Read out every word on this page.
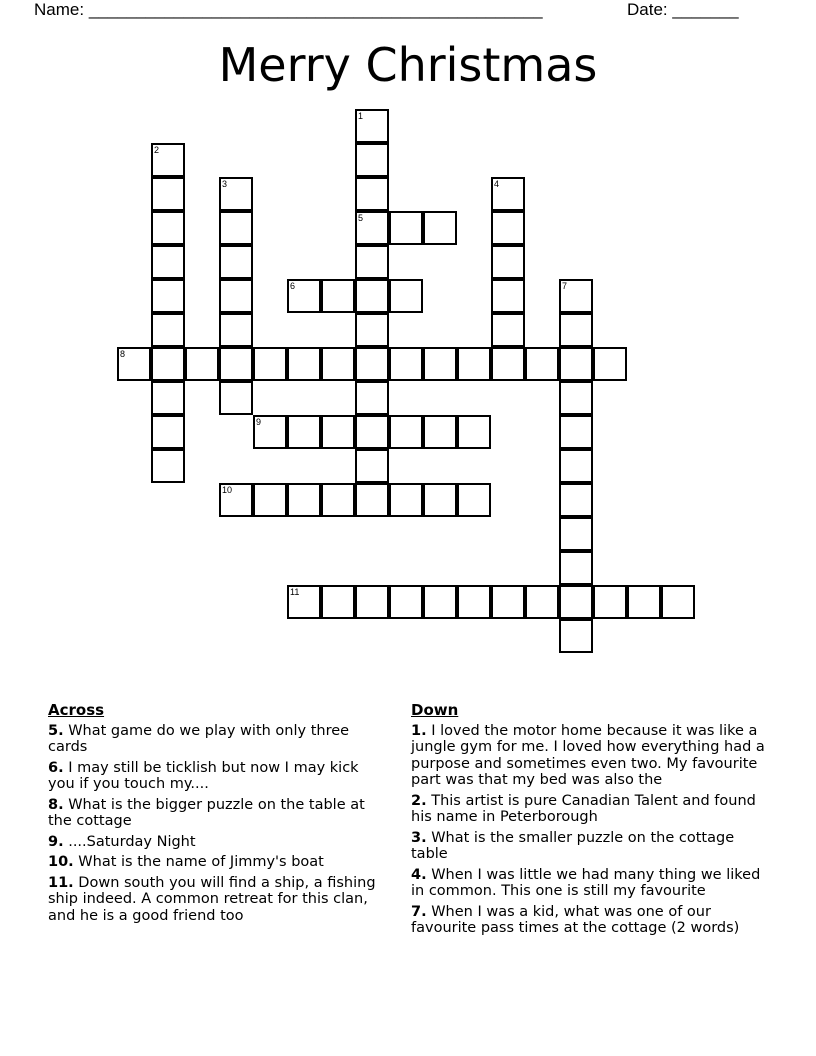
Name: ________________________________________________	Date: _______
Merry Christmas
1
5
2
3	4
6	7
8
9
10
11
Across
5. What game do we play with only three cards
6. I may still be ticklish but now I may kick you if you touch my....
8. What is the bigger puzzle on the table at the cottage
9. ....Saturday Night
10. What is the name of Jimmy's boat
11. Down south you will find a ship, a fishing ship indeed. A common retreat for this clan, and he is a good friend too
Down
1. I loved the motor home because it was like a jungle gym for me. I loved how everything had a purpose and sometimes even two. My favourite part was that my bed was also the
2. This artist is pure Canadian Talent and found his name in Peterborough
3. What is the smaller puzzle on the cottage table
4. When I was little we had many thing we liked in common. This one is still my favourite
7. When I was a kid, what was one of our favourite pass times at the cottage (2 words)
